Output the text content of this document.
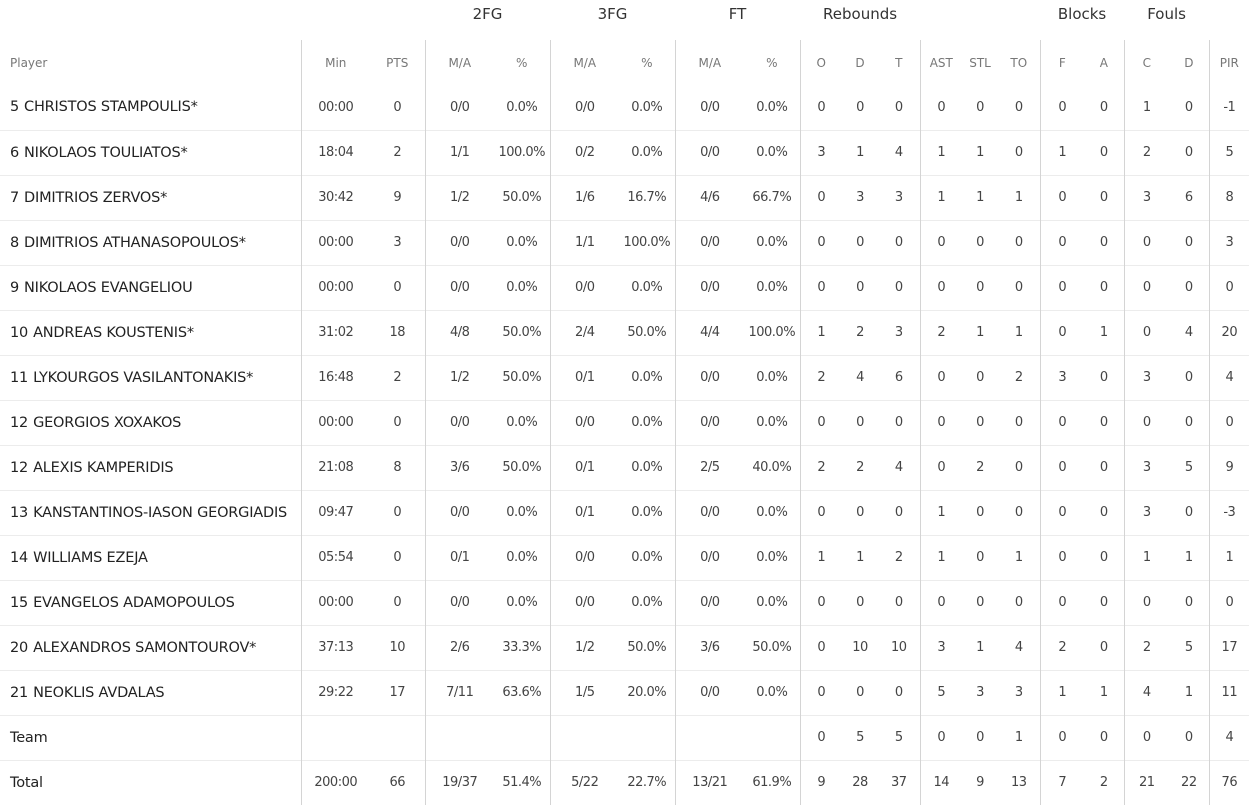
			2FG		3FG		FT		Rebounds						Blocks		Fouls		
Player	Min	PTS	M/A	%	M/A	%	M/A	%	O	D	T	AST	STL	TO	F	A	C	D	PIR
5 CHRISTOS STAMPOULIS*	00:00	0	0/0	0.0%	0/0	0.0%	0/0	0.0%	0	0	0	0	0	0	0	0	1	0	-1
6 NIKOLAOS TOULIATOS*	18:04	2	1/1	100.0%	0/2	0.0%	0/0	0.0%	3	1	4	1	1	0	1	0	2	0	5
7 DIMITRIOS ZERVOS*	30:42	9	1/2	50.0%	1/6	16.7%	4/6	66.7%	0	3	3	1	1	1	0	0	3	6	8
8 DIMITRIOS ATHANASOPOULOS*	00:00	3	0/0	0.0%	1/1	100.0%	0/0	0.0%	0	0	0	0	0	0	0	0	0	0	3
9 NIKOLAOS EVANGELIOU	00:00	0	0/0	0.0%	0/0	0.0%	0/0	0.0%	0	0	0	0	0	0	0	0	0	0	0
10 ANDREAS KOUSTENIS*	31:02	18	4/8	50.0%	2/4	50.0%	4/4	100.0%	1	2	3	2	1	1	0	1	0	4	20
11 LYKOURGOS VASILANTONAKIS*	16:48	2	1/2	50.0%	0/1	0.0%	0/0	0.0%	2	4	6	0	0	2	3	0	3	0	4
12 GEORGIOS XOXAKOS	00:00	0	0/0	0.0%	0/0	0.0%	0/0	0.0%	0	0	0	0	0	0	0	0	0	0	0
12 ALEXIS KAMPERIDIS	21:08	8	3/6	50.0%	0/1	0.0%	2/5	40.0%	2	2	4	0	2	0	0	0	3	5	9
13 KANSTANTINOS-IASON GEORGIADIS	09:47	0	0/0	0.0%	0/1	0.0%	0/0	0.0%	0	0	0	1	0	0	0	0	3	0	-3
14 WILLIAMS EZEJA	05:54	0	0/1	0.0%	0/0	0.0%	0/0	0.0%	1	1	2	1	0	1	0	0	1	1	1
15 EVANGELOS ADAMOPOULOS	00:00	0	0/0	0.0%	0/0	0.0%	0/0	0.0%	0	0	0	0	0	0	0	0	0	0	0
20 ALEXANDROS SAMONTOUROV*	37:13	10	2/6	33.3%	1/2	50.0%	3/6	50.0%	0	10	10	3	1	4	2	0	2	5	17
21 NEOKLIS AVDALAS	29:22	17	7/11	63.6%	1/5	20.0%	0/0	0.0%	0	0	0	5	3	3	1	1	4	1	11
Team									0	5	5	0	0	1	0	0	0	0	4
Total	200:00	66	19/37	51.4%	5/22	22.7%	13/21	61.9%	9	28	37	14	9	13	7	2	21	22	76
